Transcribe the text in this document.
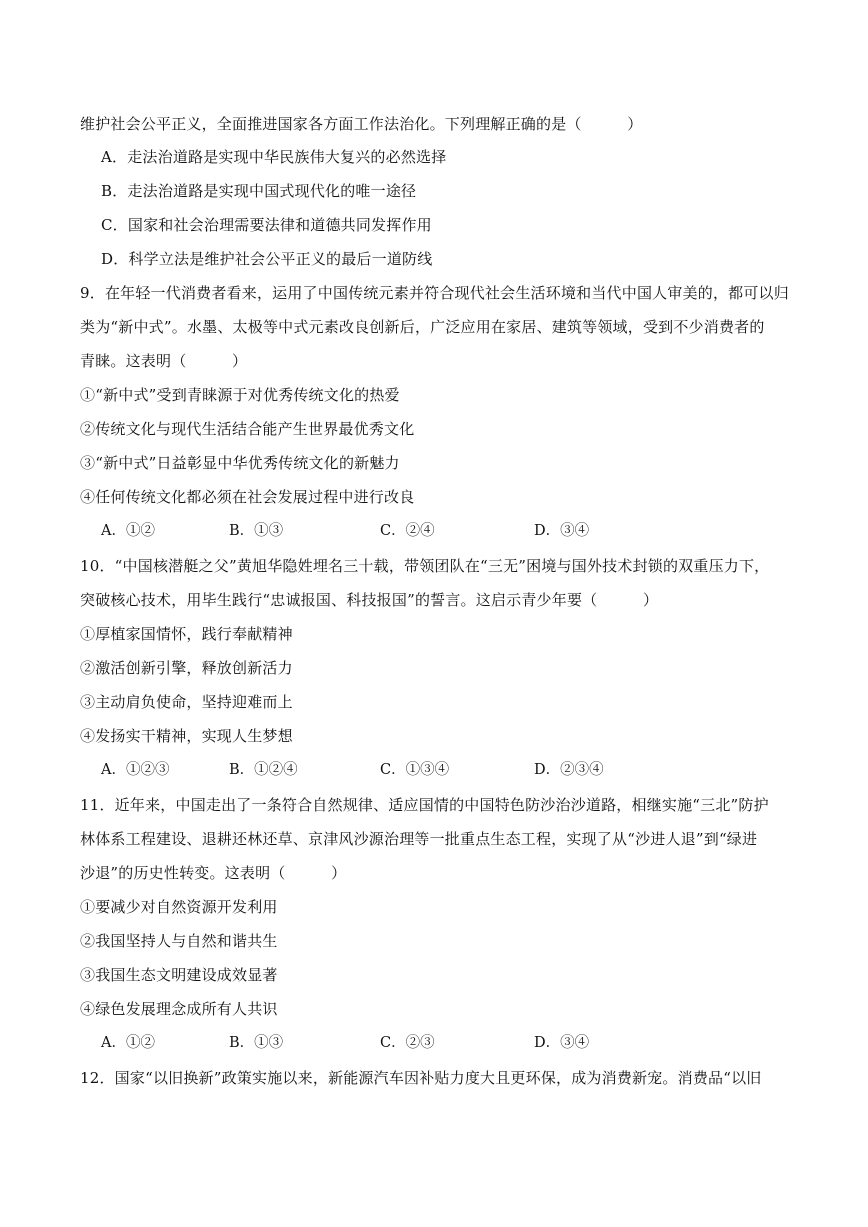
维护社会公平正义，全面推进国家各方面工作法治化。下列理解正确的是（　　　）
A．走法治道路是实现中华民族伟大复兴的必然选择
B．走法治道路是实现中国式现代化的唯一途径
C．国家和社会治理需要法律和道德共同发挥作用
D．科学立法是维护社会公平正义的最后一道防线
9．在年轻一代消费者看来，运用了中国传统元素并符合现代社会生活环境和当代中国人审美的，都可以归
类为“新中式”。水墨、太极等中式元素改良创新后，广泛应用在家居、建筑等领域，受到不少消费者的
青睐。这表明（　　　）
①“新中式”受到青睐源于对优秀传统文化的热爱
②传统文化与现代生活结合能产生世界最优秀文化
③“新中式”日益彰显中华优秀传统文化的新魅力
④任何传统文化都必须在社会发展过程中进行改良
A．①②	B．①③	C．②④	D．③④
10．“中国核潜艇之父”黄旭华隐姓埋名三十载，带领团队在“三无”困境与国外技术封锁的双重压力下，
突破核心技术，用毕生践行“忠诚报国、科技报国”的誓言。这启示青少年要（　　　）
①厚植家国情怀，践行奉献精神
②激活创新引擎，释放创新活力
③主动肩负使命，坚持迎难而上
④发扬实干精神，实现人生梦想
A．①②③	B．①②④	C．①③④	D．②③④
11．近年来，中国走出了一条符合自然规律、适应国情的中国特色防沙治沙道路，相继实施“三北”防护
林体系工程建设、退耕还林还草、京津风沙源治理等一批重点生态工程，实现了从“沙进人退”到“绿进
沙退”的历史性转变。这表明（　　　）
①要减少对自然资源开发利用
②我国坚持人与自然和谐共生
③我国生态文明建设成效显著
④绿色发展理念成所有人共识
A．①②	B．①③	C．②③	D．③④
12．国家“以旧换新”政策实施以来，新能源汽车因补贴力度大且更环保，成为消费新宠。消费品“以旧
